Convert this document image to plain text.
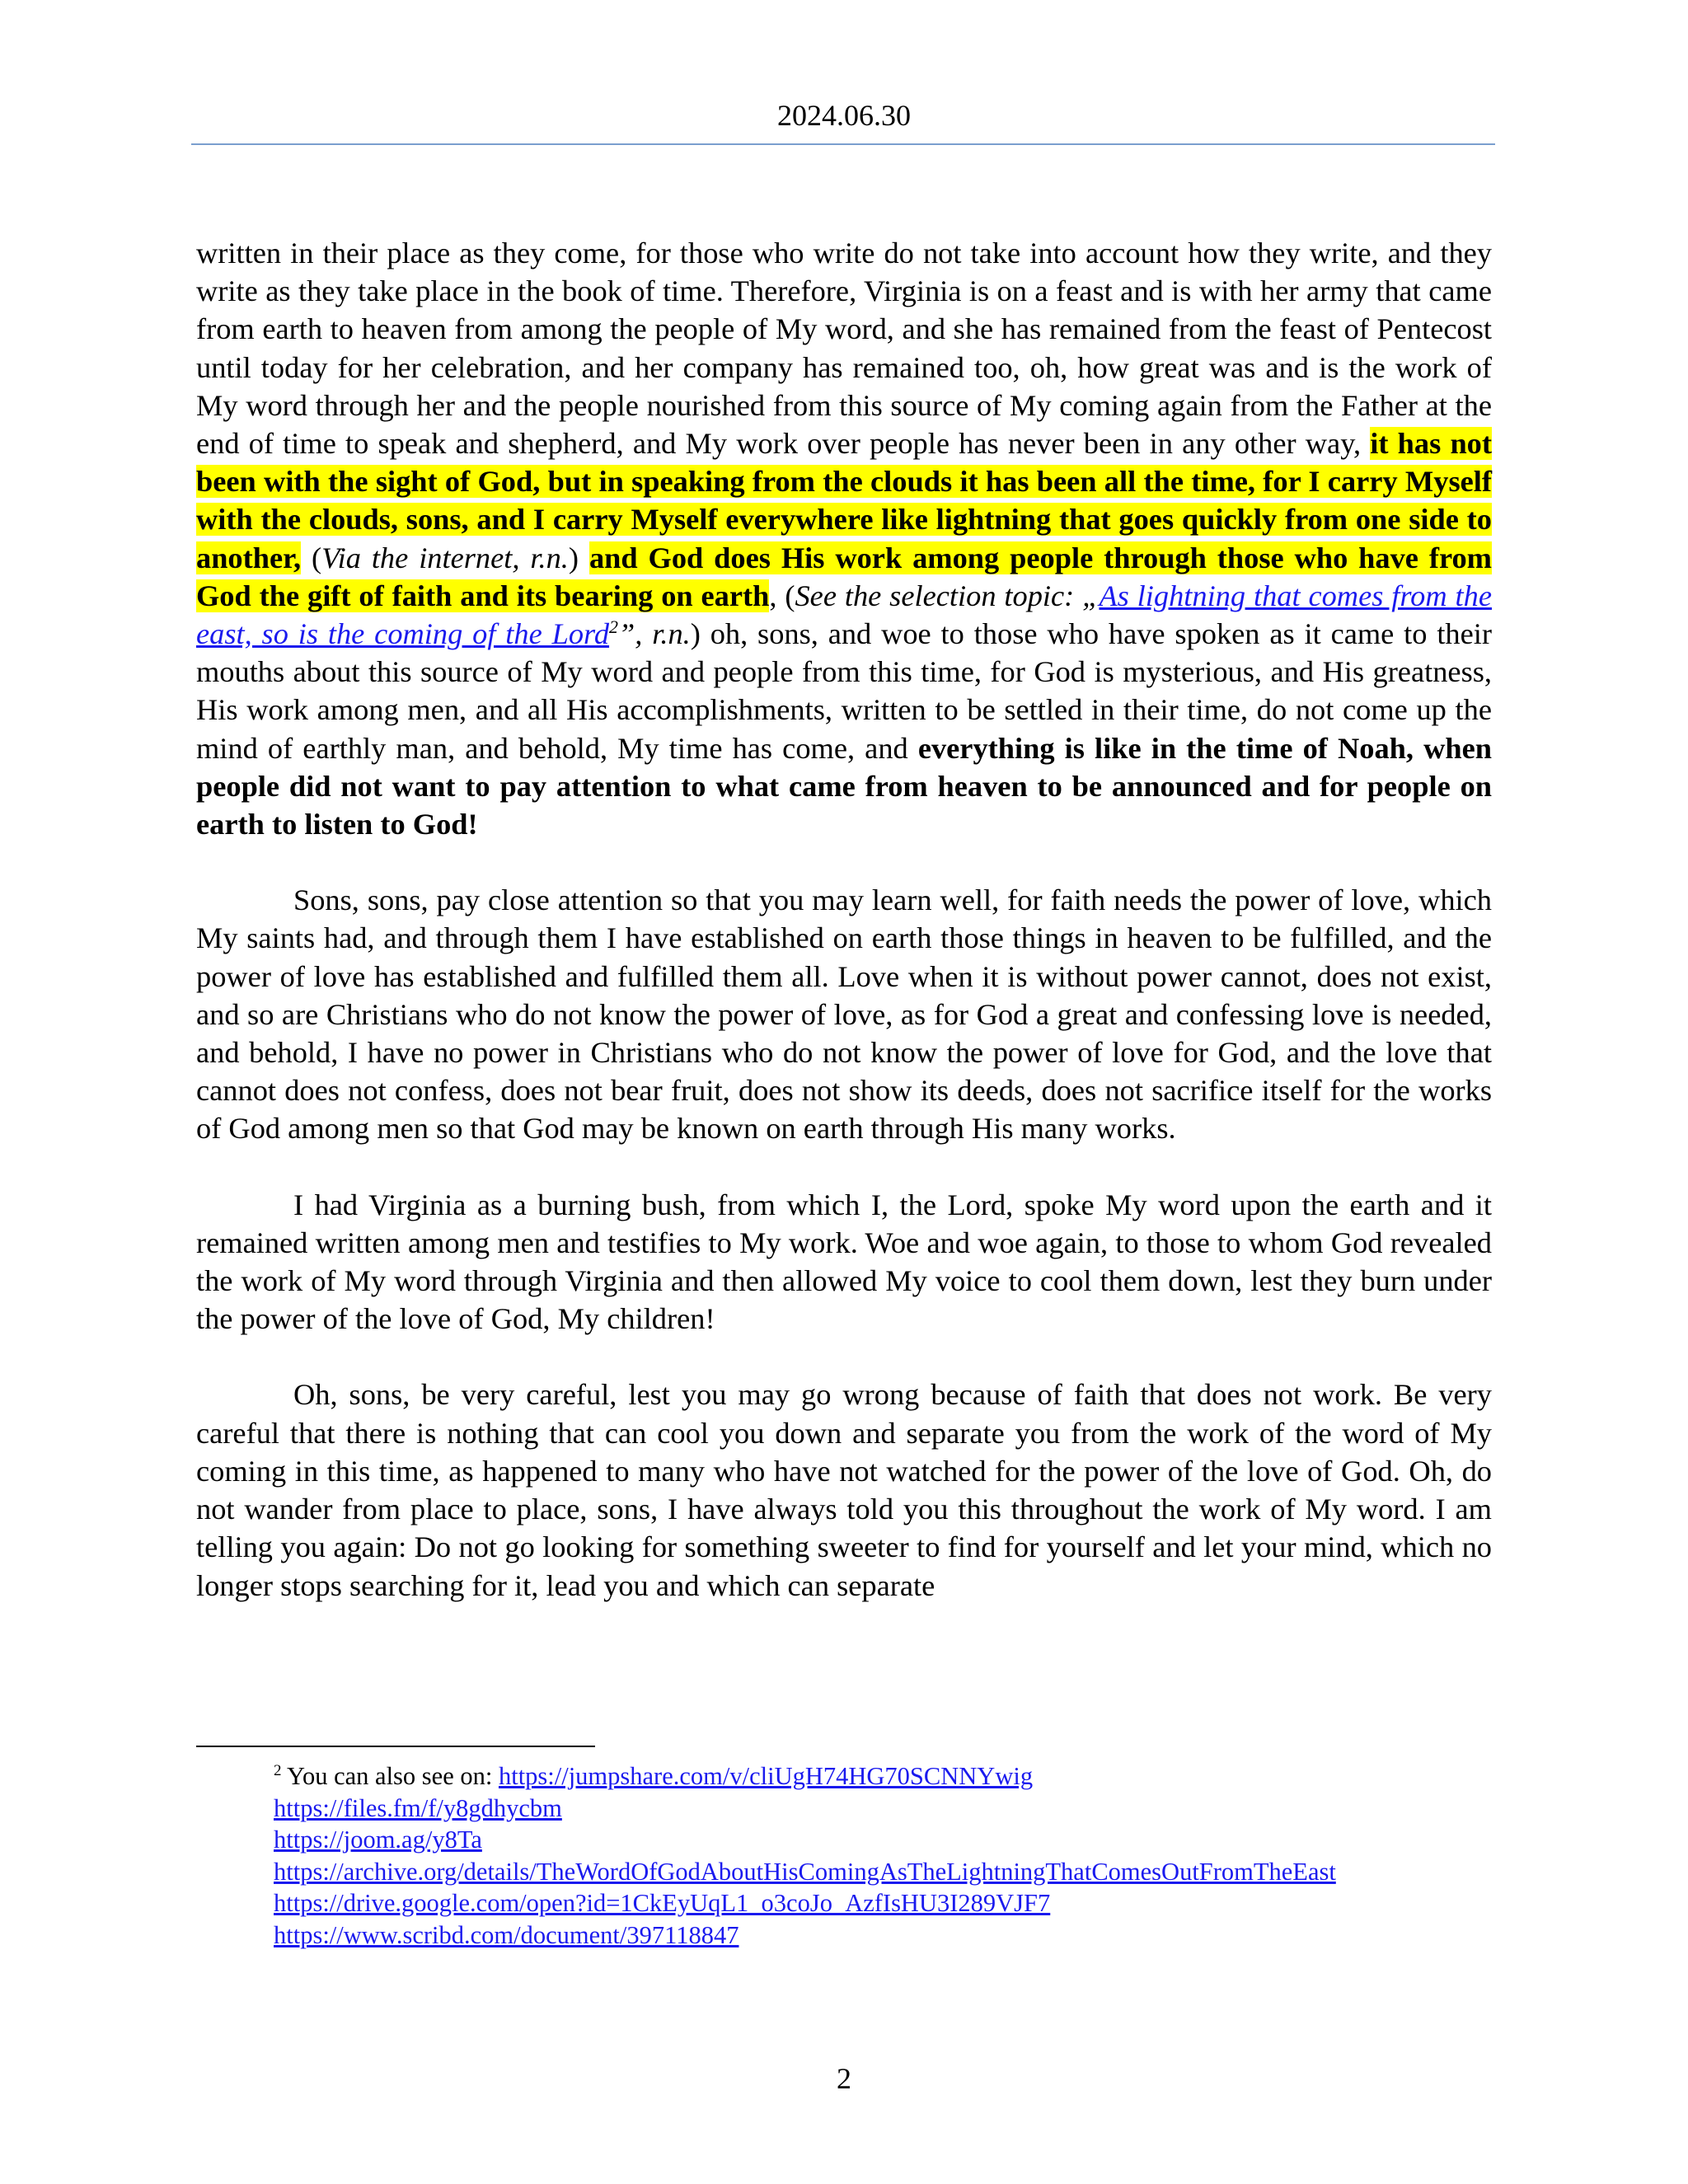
2024.06.30

written in their place as they come, for those who write do not take into account how they write, and they write as they take place in the book of time. Therefore, Virginia is on a feast and is with her army that came from earth to heaven from among the people of My word, and she has remained from the feast of Pentecost until today for her celebration, and her company has remained too, oh, how great was and is the work of My word through her and the people nourished from this source of My coming again from the Father at the end of time to speak and shepherd, and My work over people has never been in any other way, it has not been with the sight of God, but in speaking from the clouds it has been all the time, for I carry Myself with the clouds, sons, and I carry Myself everywhere like lightning that goes quickly from one side to another, (Via the internet, r.n.) and God does His work among people through those who have from God the gift of faith and its bearing on earth, (See the selection topic: „As lightning that comes from the east, so is the coming of the Lord$^2$”, r.n.) oh, sons, and woe to those who have spoken as it came to their mouths about this source of My word and people from this time, for God is mysterious, and His greatness, His work among men, and all His accomplishments, written to be settled in their time, do not come up the mind of earthly man, and behold, My time has come, and everything is like in the time of Noah, when people did not want to pay attention to what came from heaven to be announced and for people on earth to listen to God!

Sons, sons, pay close attention so that you may learn well, for faith needs the power of love, which My saints had, and through them I have established on earth those things in heaven to be fulfilled, and the power of love has established and fulfilled them all. Love when it is without power cannot, does not exist, and so are Christians who do not know the power of love, as for God a great and confessing love is needed, and behold, I have no power in Christians who do not know the power of love for God, and the love that cannot does not confess, does not bear fruit, does not show its deeds, does not sacrifice itself for the works of God among men so that God may be known on earth through His many works.

I had Virginia as a burning bush, from which I, the Lord, spoke My word upon the earth and it remained written among men and testifies to My work. Woe and woe again, to those to whom God revealed the work of My word through Virginia and then allowed My voice to cool them down, lest they burn under the power of the love of God, My children!

Oh, sons, be very careful, lest you may go wrong because of faith that does not work. Be very careful that there is nothing that can cool you down and separate you from the work of the word of My coming in this time, as happened to many who have not watched for the power of the love of God. Oh, do not wander from place to place, sons, I have always told you this throughout the work of My word. I am telling you again: Do not go looking for something sweeter to find for yourself and let your mind, which no longer stops searching for it, lead you and which can separate

$^2$ You can also see on: https://jumpshare.com/v/cliUgH74HG70SCNNYwig
https://files.fm/f/y8gdhycbm
https://joom.ag/y8Ta
https://archive.org/details/TheWordOfGodAboutHisComingAsTheLightningThatComesOutFromTheEast
https://drive.google.com/open?id=1CkEyUqL1_o3coJo_AzfIsHU3I289VJF7
https://www.scribd.com/document/397118847
2
